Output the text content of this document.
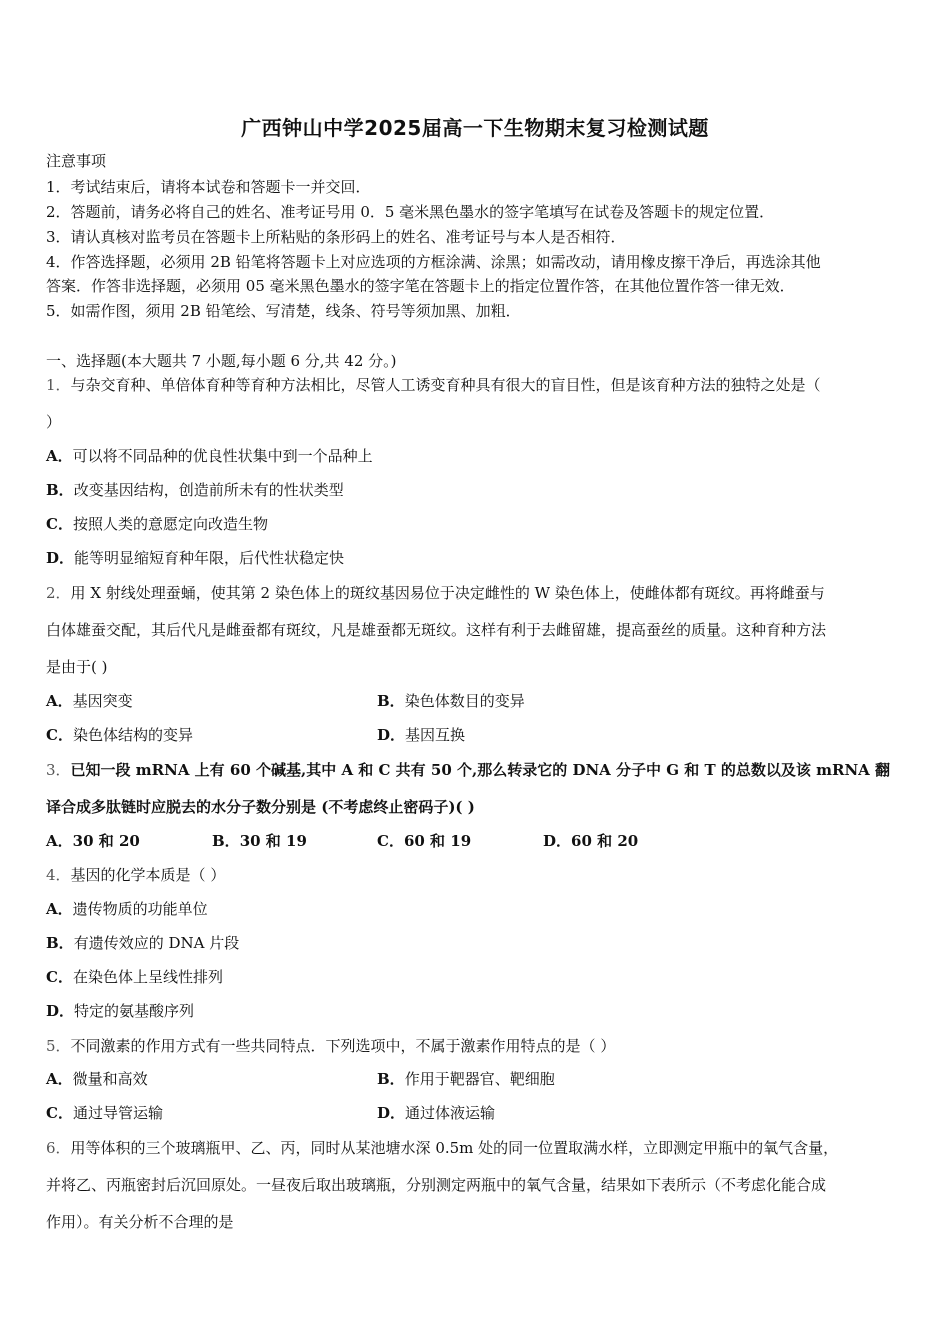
广西钟山中学2025届高一下生物期末复习检测试题
注意事项
1．考试结束后，请将本试卷和答题卡一并交回．
2．答题前，请务必将自己的姓名、准考证号用 0．5 毫米黑色墨水的签字笔填写在试卷及答题卡的规定位置．
3．请认真核对监考员在答题卡上所粘贴的条形码上的姓名、准考证号与本人是否相符．
4．作答选择题，必须用 2B 铅笔将答题卡上对应选项的方框涂满、涂黑；如需改动，请用橡皮擦干净后，再选涂其他
答案．作答非选择题，必须用 05 毫米黑色墨水的签字笔在答题卡上的指定位置作答，在其他位置作答一律无效．
5．如需作图，须用 2B 铅笔绘、写清楚，线条、符号等须加黑、加粗．
一、选择题(本大题共 7 小题,每小题 6 分,共 42 分。)
1．与杂交育种、单倍体育种等育种方法相比，尽管人工诱变育种具有很大的盲目性，但是该育种方法的独特之处是（
）
A．可以将不同品种的优良性状集中到一个品种上
B．改变基因结构，创造前所未有的性状类型
C．按照人类的意愿定向改造生物
D．能等明显缩短育种年限，后代性状稳定快
2．用 X 射线处理蚕蛹，使其第 2 染色体上的斑纹基因易位于决定雌性的 W 染色体上，使雌体都有斑纹。再将雌蚕与
白体雄蚕交配，其后代凡是雌蚕都有斑纹，凡是雄蚕都无斑纹。这样有利于去雌留雄，提高蚕丝的质量。这种育种方法
是由于( )
A．基因突变	B．染色体数目的变异
C．染色体结构的变异	D．基因互换
3．已知一段 mRNA 上有 60 个碱基,其中 A 和 C 共有 50 个,那么转录它的 DNA 分子中 G 和 T 的总数以及该 mRNA 翻
译合成多肽链时应脱去的水分子数分别是 (不考虑终止密码子)( )
A．30 和 20	B．30 和 19	C．60 和 19	D．60 和 20
4．基因的化学本质是（ ）
A．遗传物质的功能单位
B．有遗传效应的 DNA 片段
C．在染色体上呈线性排列
D．特定的氨基酸序列
5．不同激素的作用方式有一些共同特点．下列选项中，不属于激素作用特点的是（ ）
A．微量和高效	B．作用于靶器官、靶细胞
C．通过导管运输	D．通过体液运输
6．用等体积的三个玻璃瓶甲、乙、丙，同时从某池塘水深 0.5m 处的同一位置取满水样，立即测定甲瓶中的氧气含量，
并将乙、丙瓶密封后沉回原处。一昼夜后取出玻璃瓶，分别测定两瓶中的氧气含量，结果如下表所示（不考虑化能合成
作用）。有关分析不合理的是
